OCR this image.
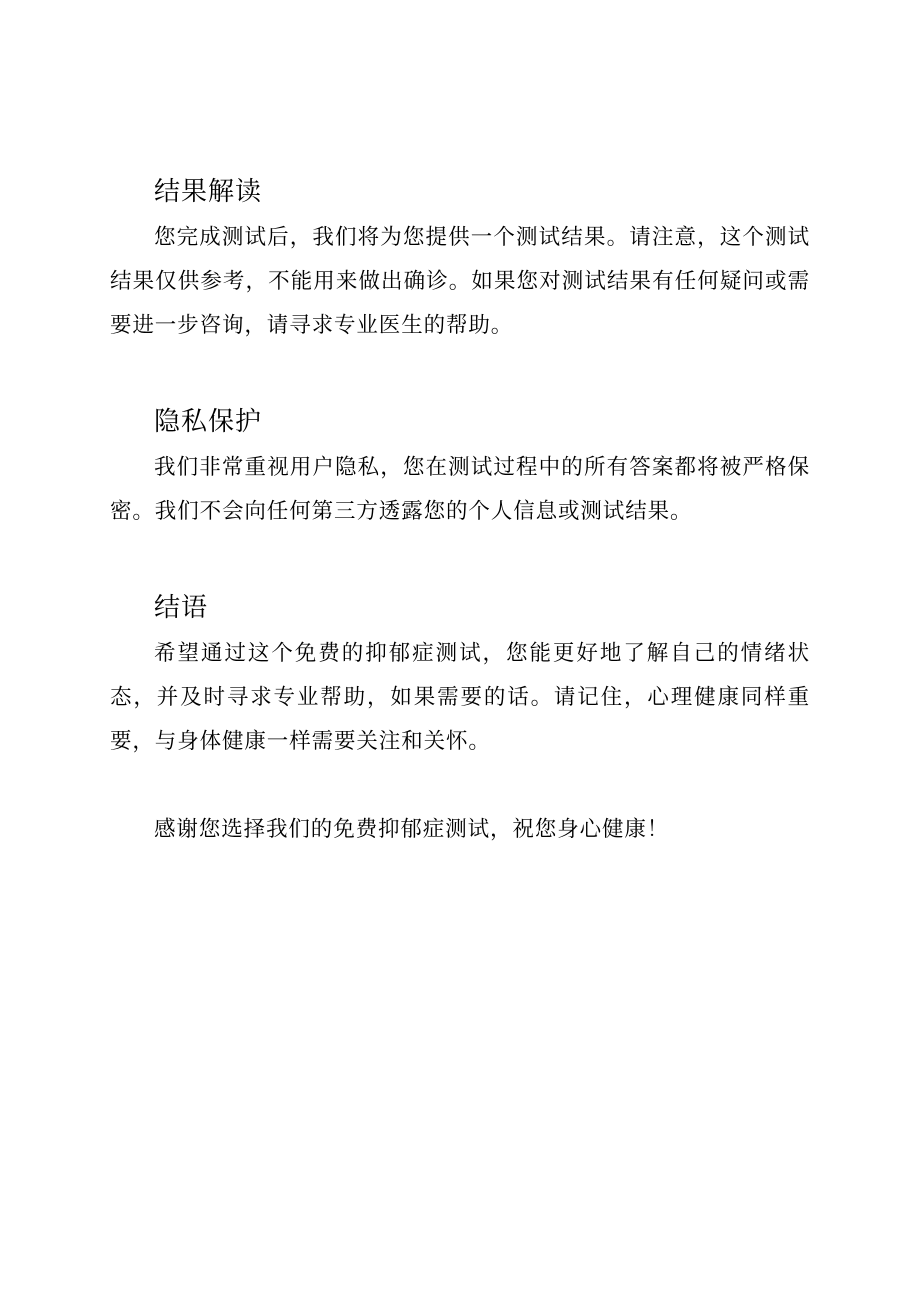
结果解读

您完成测试后，我们将为您提供一个测试结果。请注意，这个测试结果仅供参考，不能用来做出确诊。如果您对测试结果有任何疑问或需要进一步咨询，请寻求专业医生的帮助。

隐私保护

我们非常重视用户隐私，您在测试过程中的所有答案都将被严格保密。我们不会向任何第三方透露您的个人信息或测试结果。

结语

希望通过这个免费的抑郁症测试，您能更好地了解自己的情绪状态，并及时寻求专业帮助，如果需要的话。请记住，心理健康同样重要，与身体健康一样需要关注和关怀。

感谢您选择我们的免费抑郁症测试，祝您身心健康！
